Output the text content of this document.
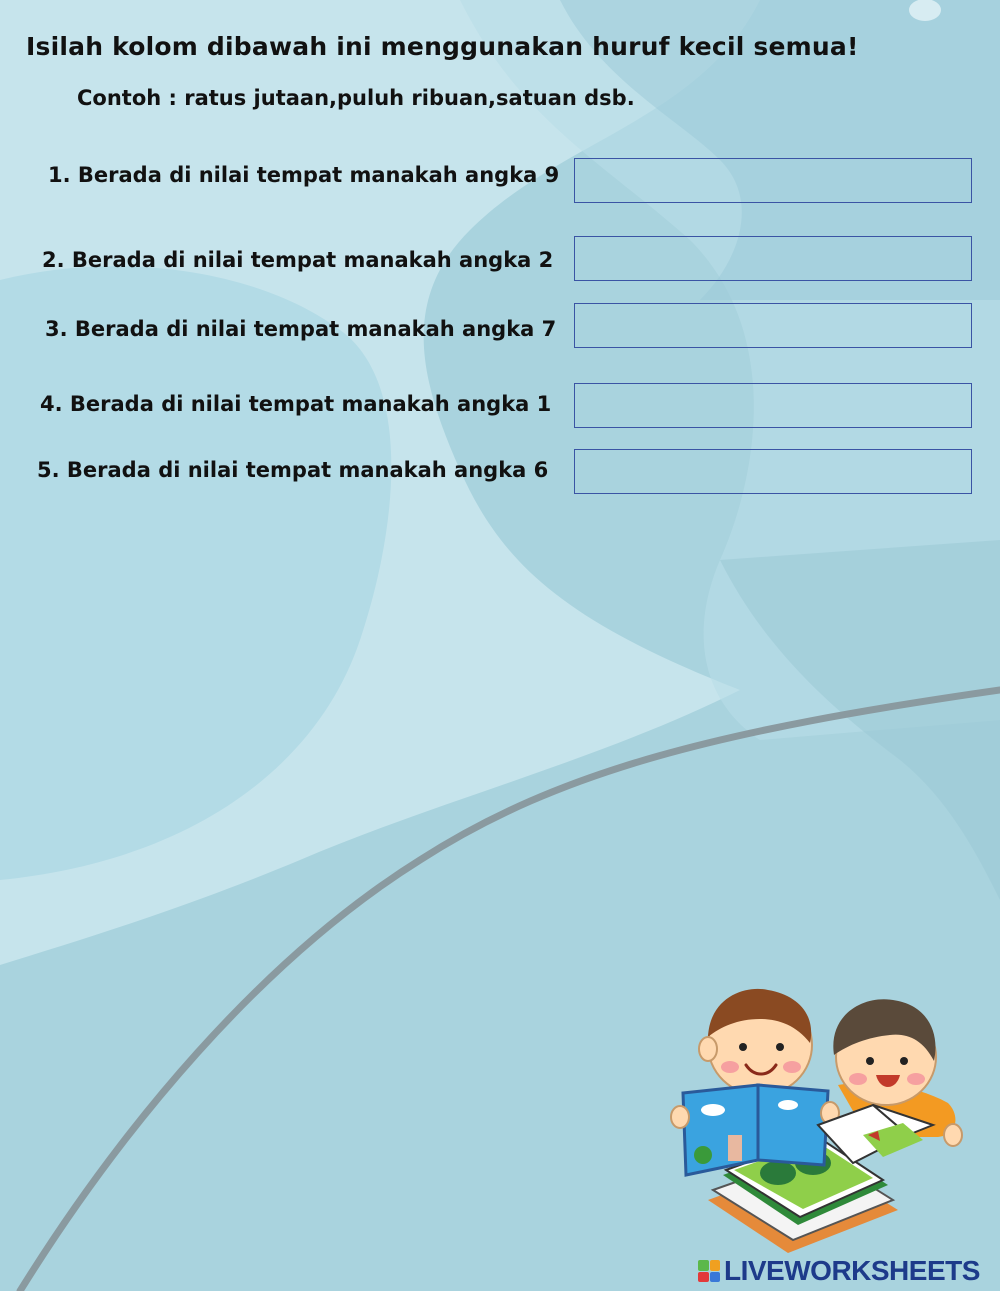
Isilah kolom dibawah ini menggunakan huruf kecil semua!

Contoh : ratus jutaan,puluh ribuan,satuan dsb.

1. Berada di nilai tempat manakah angka 9

2. Berada di nilai tempat manakah angka 2

3. Berada di nilai tempat manakah angka 7

4. Berada di nilai tempat manakah angka 1

5. Berada di nilai tempat manakah angka 6

LIVEWORKSHEETS
